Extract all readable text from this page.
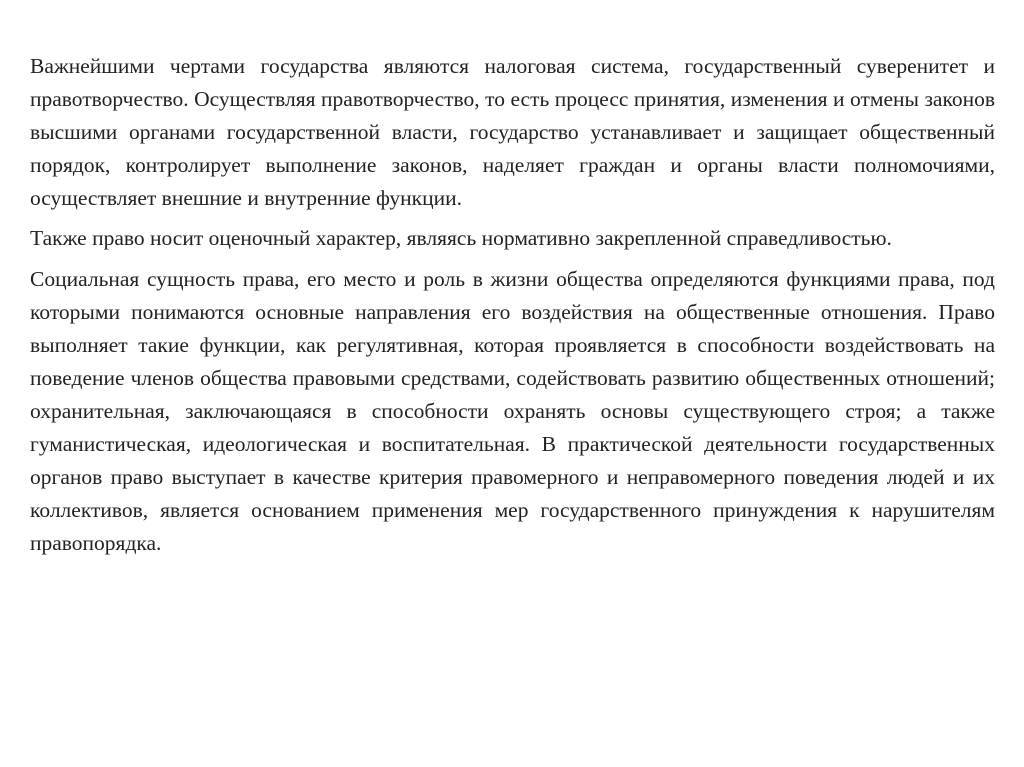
Важнейшими чертами государства являются налоговая система, государственный суверенитет и правотворчество. Осуществляя правотворчество, то есть процесс принятия, изменения и отмены законов высшими органами государственной власти, государство устанавливает и защищает общественный порядок, контролирует выполнение законов, наделяет граждан и органы власти полномочиями, осуществляет внешние и внутренние функции.

Также право носит оценочный характер, являясь нормативно закрепленной справедливостью.

Социальная сущность права, его место и роль в жизни общества определяются функциями права, под которыми понимаются основные направления его воздействия на общественные отношения. Право выполняет такие функции, как регулятивная, которая проявляется в способности воздействовать на поведение членов общества правовыми средствами, содействовать развитию общественных отношений; охранительная, заключающаяся в способности охранять основы существующего строя; а также гуманистическая, идеологическая и воспитательная. В практической деятельности государственных органов право выступает в качестве критерия правомерного и неправомерного поведения людей и их коллективов, является основанием применения мер государственного принуждения к нарушителям правопорядка.
